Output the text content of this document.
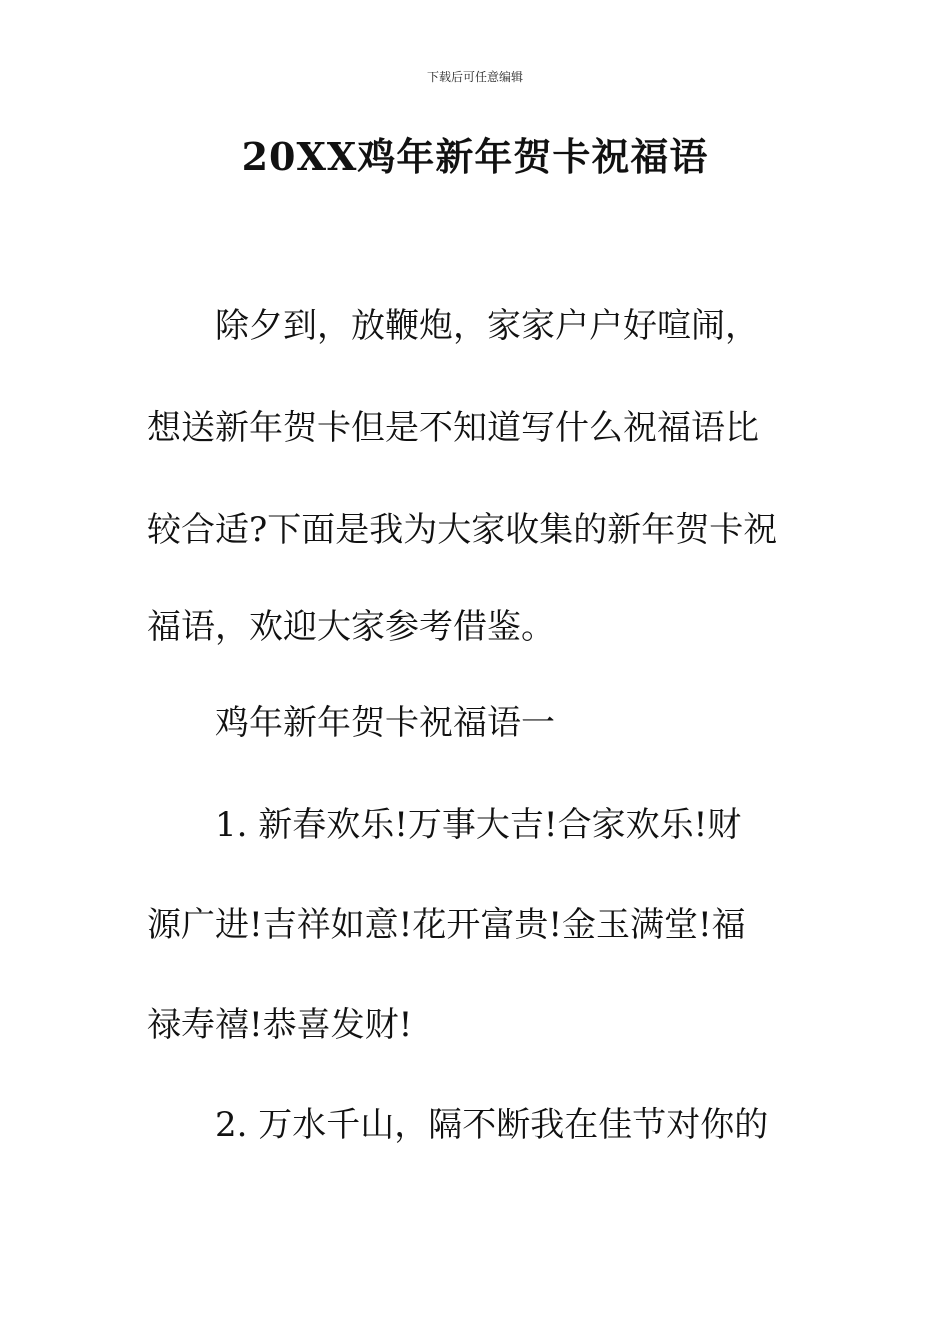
下载后可任意编辑
20XX鸡年新年贺卡祝福语

除夕到，放鞭炮，家家户户好喧闹，

想送新年贺卡但是不知道写什么祝福语比

较合适?下面是我为大家收集的新年贺卡祝

福语，欢迎大家参考借鉴。

鸡年新年贺卡祝福语一

1. 新春欢乐!万事大吉!合家欢乐!财

源广进!吉祥如意!花开富贵!金玉满堂!福

禄寿禧!恭喜发财!

2. 万水千山，隔不断我在佳节对你的
